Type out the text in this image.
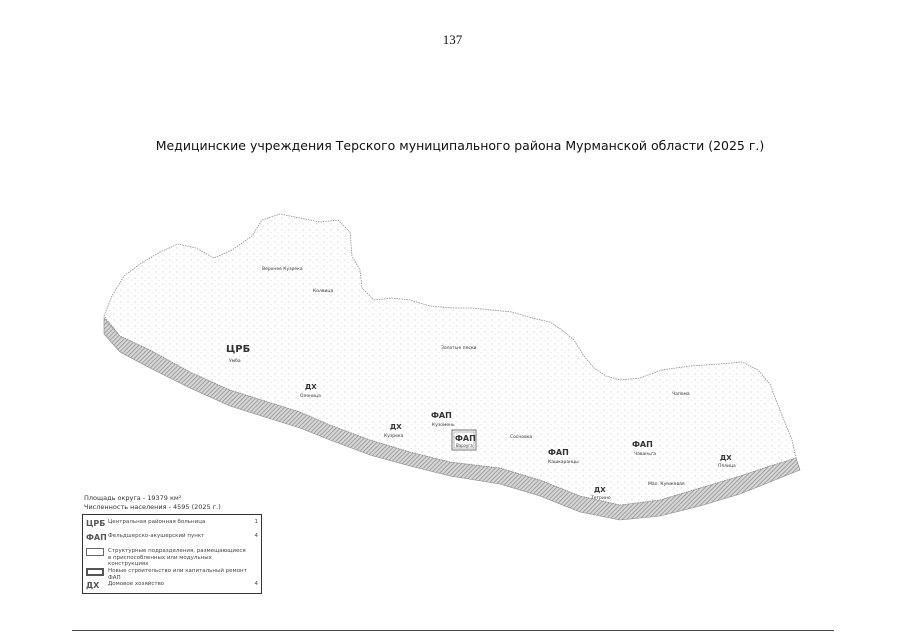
137
Медицинские учреждения Терского муниципального района Мурманской области (2025 г.)
ЦРБ
Умба
ФАП
Кузомень
ФАП
Варзуга
ФАП
Кашкаранцы
ФАП
Чаваньга
ДХ
Оленица
ДХ
Кузрека
ДХ
Тетрино
ДХ
Пялица
Верхнее Кузрека
Колвица
Золотые пески
Чапома
Сосновка
Мал. Кумжевая
Площадь округа - 19379 км²
Численность населения - 4595 (2025 г.)
ЦРБ Центральная районная больница	1
ФАП Фельдшерско-акушерский пункт	4
Структурные подразделения, размещающиеся в приспособленных или модульных конструкциях
Новые строительство или капитальный ремонт ФАП
ДХ	Домовое хозяйство	4
